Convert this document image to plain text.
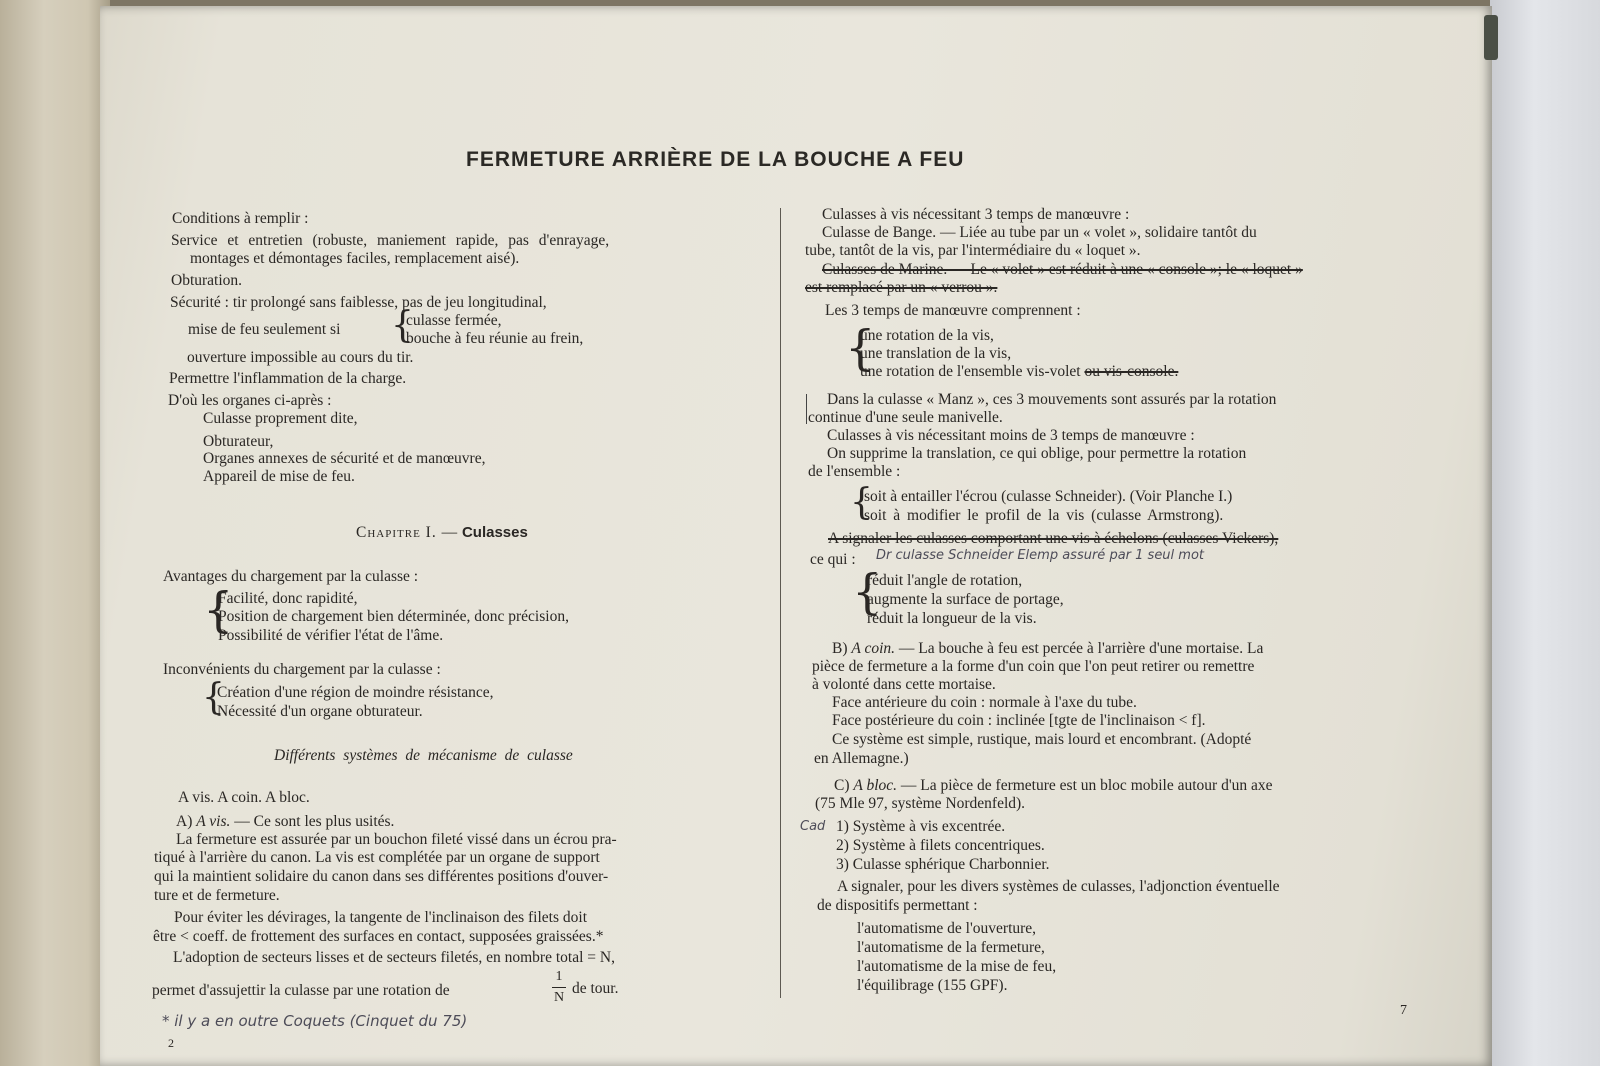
FERMETURE ARRIÈRE DE LA BOUCHE A FEU
Conditions à remplir :
Service et entretien (robuste, maniement rapide, pas d'enrayage,
montages et démontages faciles, remplacement aisé).
Obturation.
Sécurité : tir prolongé sans faiblesse, pas de jeu longitudinal,
culasse fermée,
mise de feu seulement si {
bouche à feu réunie au frein,
ouverture impossible au cours du tir.
Permettre l'inflammation de la charge.
D'où les organes ci-après :
Culasse proprement dite,
Obturateur,
Organes annexes de sécurité et de manœuvre,
Appareil de mise de feu.
Chapitre I. — Culasses
Avantages du chargement par la culasse :
{
Facilité, donc rapidité,
Position de chargement bien déterminée, donc précision,
Possibilité de vérifier l'état de l'âme.
Inconvénients du chargement par la culasse :
{
Création d'une région de moindre résistance,
Nécessité d'un organe obturateur.
Différents systèmes de mécanisme de culasse
A vis. A coin. A bloc.
A) A vis. — Ce sont les plus usités.
La fermeture est assurée par un bouchon fileté vissé dans un écrou pra-
tiqué à l'arrière du canon. La vis est complétée par un organe de support
qui la maintient solidaire du canon dans ses différentes positions d'ouver-
ture et de fermeture.
Pour éviter les dévirages, la tangente de l'inclinaison des filets doit
être < coeff. de frottement des surfaces en contact, supposées graissées.*
L'adoption de secteurs lisses et de secteurs filetés, en nombre total = N,
permet d'assujettir la culasse par une rotation de
1
N
de tour.
* il y a en outre Coquets (Cinquet du 75)
2
Culasses à vis nécessitant 3 temps de manœuvre :
Culasse de Bange. — Liée au tube par un « volet », solidaire tantôt du
tube, tantôt de la vis, par l'intermédiaire du « loquet ».
Culasses de Marine. — Le « volet » est réduit à une « console »; le « loquet »
est remplacé par un « verrou ».
Les 3 temps de manœuvre comprennent :
{
une rotation de la vis,
une translation de la vis,
une rotation de l'ensemble vis-volet ou vis-console.
Dans la culasse « Manz », ces 3 mouvements sont assurés par la rotation
continue d'une seule manivelle.
Culasses à vis nécessitant moins de 3 temps de manœuvre :
On supprime la translation, ce qui oblige, pour permettre la rotation
de l'ensemble :
{
soit à entailler l'écrou (culasse Schneider). (Voir Planche I.)
soit à modifier le profil de la vis (culasse Armstrong).
A signaler les culasses comportant une vis à échelons (culasses Vickers),
ce qui : Dr culasse Schneider Elemp assuré par 1 seul mot
{
réduit l'angle de rotation,
augmente la surface de portage,
réduit la longueur de la vis.
B) A coin. — La bouche à feu est percée à l'arrière d'une mortaise. La
pièce de fermeture a la forme d'un coin que l'on peut retirer ou remettre
à volonté dans cette mortaise.
Face antérieure du coin : normale à l'axe du tube.
Face postérieure du coin : inclinée [tgte de l'inclinaison < f].
Ce système est simple, rustique, mais lourd et encombrant. (Adopté
en Allemagne.)
C) A bloc. — La pièce de fermeture est un bloc mobile autour d'un axe
(75 Mle 97, système Nordenfeld).
Cad 1) Système à vis excentrée.
2) Système à filets concentriques.
3) Culasse sphérique Charbonnier.
A signaler, pour les divers systèmes de culasses, l'adjonction éventuelle
de dispositifs permettant :
l'automatisme de l'ouverture,
l'automatisme de la fermeture,
l'automatisme de la mise de feu,
l'équilibrage (155 GPF).
7
